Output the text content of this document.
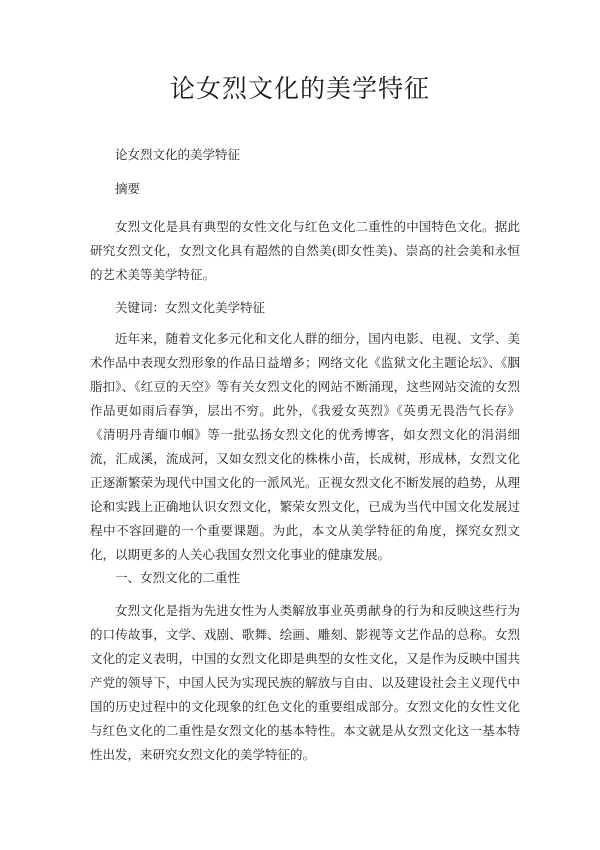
论女烈文化的美学特征

论女烈文化的美学特征

摘要

女烈文化是具有典型的女性文化与红色文化二重性的中国特色文化。据此研究女烈文化，女烈文化具有超然的自然美(即女性美)、崇高的社会美和永恒的艺术美等美学特征。

关键词：女烈文化美学特征

近年来，随着文化多元化和文化人群的细分，国内电影、电视、文学、美术作品中表现女烈形象的作品日益增多；网络文化《监狱文化主题论坛》、《胭脂扣》、《红豆的天空》等有关女烈文化的网站不断涌现，这些网站交流的女烈作品更如雨后春笋，层出不穷。此外，《我爱女英烈》《英勇无畏浩气长存》《清明丹青缅巾帼》等一批弘扬女烈文化的优秀博客，如女烈文化的涓涓细流，汇成溪，流成河，又如女烈文化的株株小苗，长成树，形成林，女烈文化正逐渐繁荣为现代中国文化的一派风光。正视女烈文化不断发展的趋势，从理论和实践上正确地认识女烈文化，繁荣女烈文化，已成为当代中国文化发展过程中不容回避的一个重要课题。为此，本文从美学特征的角度，探究女烈文化，以期更多的人关心我国女烈文化事业的健康发展。

一、女烈文化的二重性

女烈文化是指为先进女性为人类解放事业英勇献身的行为和反映这些行为的口传故事，文学、戏剧、歌舞、绘画、雕刻、影视等文艺作品的总称。女烈文化的定义表明，中国的女烈文化即是典型的女性文化，又是作为反映中国共产党的领导下，中国人民为实现民族的解放与自由、以及建设社会主义现代中国的历史过程中的文化现象的红色文化的重要组成部分。女烈文化的女性文化与红色文化的二重性是女烈文化的基本特性。本文就是从女烈文化这一基本特性出发，来研究女烈文化的美学特征的。
